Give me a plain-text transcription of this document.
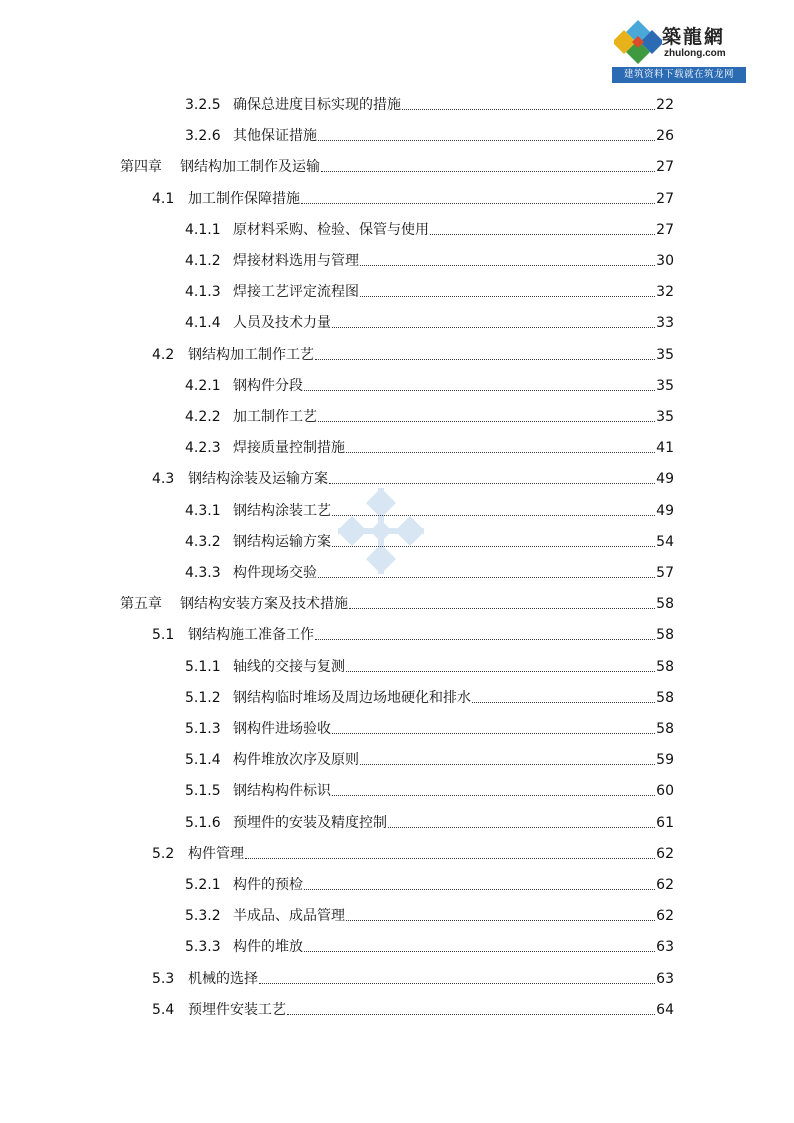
築龍網
zhulong.com
建筑资料下载就在筑龙网
3.2.5 确保总进度目标实现的措施	22
3.2.6 其他保证措施	26
第四章	钢结构加工制作及运输	27
4.1 加工制作保障措施	27
4.1.1 原材料采购、检验、保管与使用	27
4.1.2 焊接材料选用与管理	30
4.1.3 焊接工艺评定流程图	32
4.1.4 人员及技术力量	33
4.2 钢结构加工制作工艺	35
4.2.1 钢构件分段	35
4.2.2 加工制作工艺	35
4.2.3 焊接质量控制措施	41
4.3 钢结构涂装及运输方案	49
4.3.1 钢结构涂装工艺	49
4.3.2 钢结构运输方案	54
4.3.3 构件现场交验	57
第五章	钢结构安装方案及技术措施	58
5.1 钢结构施工准备工作	58
5.1.1 轴线的交接与复测	58
5.1.2 钢结构临时堆场及周边场地硬化和排水	58
5.1.3 钢构件进场验收	58
5.1.4 构件堆放次序及原则	59
5.1.5 钢结构构件标识	60
5.1.6 预埋件的安装及精度控制	61
5.2 构件管理	62
5.2.1 构件的预检	62
5.3.2 半成品、成品管理	62
5.3.3 构件的堆放	63
5.3 机械的选择	63
5.4 预埋件安装工艺	64
